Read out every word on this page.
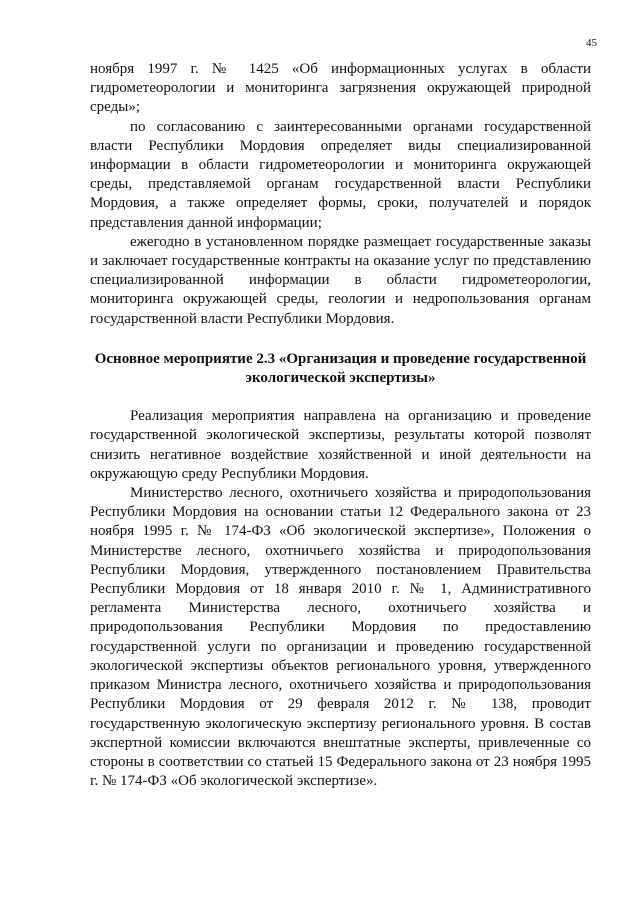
45

ноября 1997 г. № 1425 «Об информационных услугах в области гидрометеорологии и мониторинга загрязнения окружающей природной среды»;

по согласованию с заинтересованными органами государственной власти Республики Мордовия определяет виды специализированной информации в области гидрометеорологии и мониторинга окружающей среды, представляемой органам государственной власти Республики Мордовия, а также определяет формы, сроки, получателей и порядок представления данной информации;

ежегодно в установленном порядке размещает государственные заказы и заключает государственные контракты на оказание услуг по представлению специализированной информации в области гидрометеорологии, мониторинга окружающей среды, геологии и недропользования органам государственной власти Республики Мордовия.

Основное мероприятие 2.3 «Организация и проведение государственной экологической экспертизы»

Реализация мероприятия направлена на организацию и проведение государственной экологической экспертизы, результаты которой позволят снизить негативное воздействие хозяйственной и иной деятельности на окружающую среду Республики Мордовия.

Министерство лесного, охотничьего хозяйства и природопользования Республики Мордовия на основании статьи 12 Федерального закона от 23 ноября 1995 г. № 174-ФЗ «Об экологической экспертизе», Положения о Министерстве лесного, охотничьего хозяйства и природопользования Республики Мордовия, утвержденного постановлением Правительства Республики Мордовия от 18 января 2010 г. № 1, Административного регламента Министерства лесного, охотничьего хозяйства и природопользования Республики Мордовия по предоставлению государственной услуги по организации и проведению государственной экологической экспертизы объектов регионального уровня, утвержденного приказом Министра лесного, охотничьего хозяйства и природопользования Республики Мордовия от 29 февраля 2012 г. № 138, проводит государственную экологическую экспертизу регионального уровня. В состав экспертной комиссии включаются внештатные эксперты, привлеченные со стороны в соответствии со статьей 15 Федерального закона от 23 ноября 1995 г. № 174-ФЗ «Об экологической экспертизе».
